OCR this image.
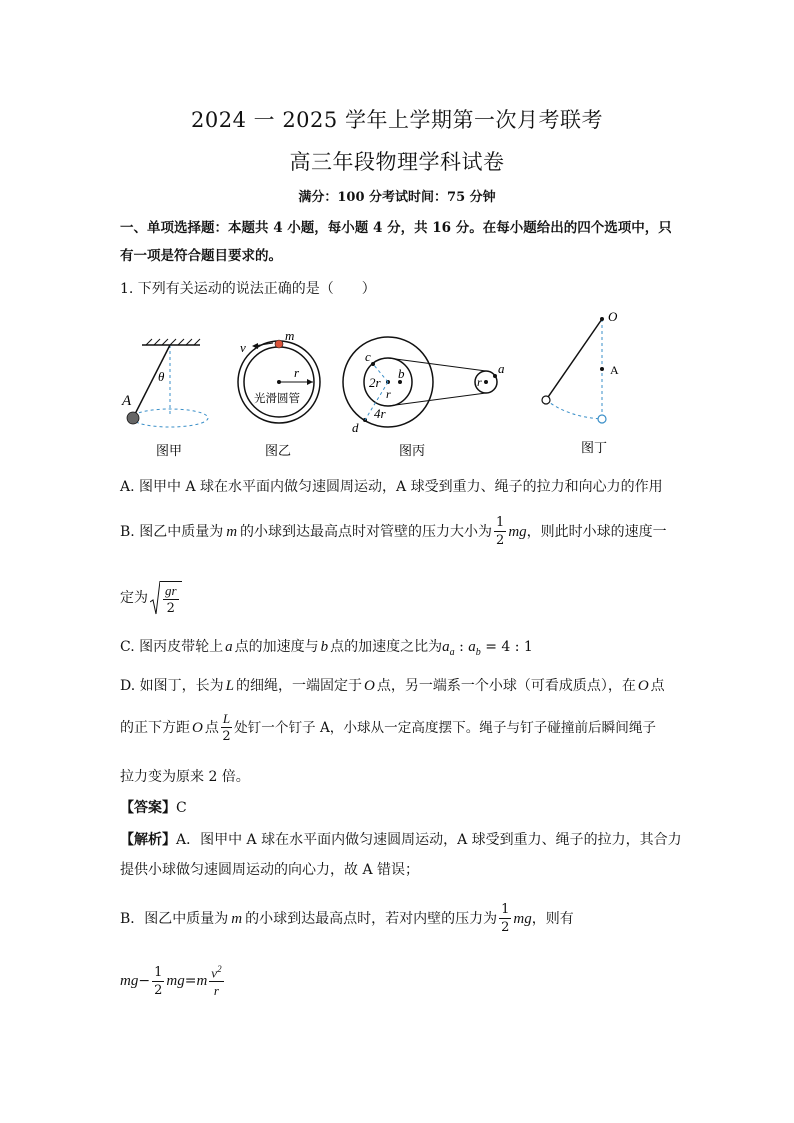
2024 一 2025 学年上学期第一次月考联考
高三年段物理学科试卷
满分：100 分考试时间：75 分钟
一、单项选择题：本题共 4 小题，每小题 4 分，共 16 分。在每小题给出的四个选项中，只
有一项是符合题目要求的。
1. 下列有关运动的说法正确的是（　　）
A
θ
图甲
v
m
r
光滑圆管
图乙
c
2r
b
r
4r
d
r
a
图丙
O
A
图丁
A. 图甲中 A 球在水平面内做匀速圆周运动，A 球受到重力、绳子的拉力和向心力的作用
B. 图乙中质量为 m 的小球到达最高点时对管壁的压力大小为 $\frac{1}{2}$ mg ，则此时小球的速度一
定为 $\frac{gr}{2}$
C. 图丙皮带轮上 a 点的加速度与 b 点的加速度之比为$a_a$ : $a_b = 4$ : 1
D. 如图丁，长为 L 的细绳，一端固定于 O 点，另一端系一个小球（可看成质点），在 O 点
的正下方距 O 点 $\frac{L}{2}$ 处钉一个钉子 A，小球从一定高度摆下。绳子与钉子碰撞前后瞬间绳子
拉力变为原来 2 倍。
【答案】C
【解析】A．图甲中 A 球在水平面内做匀速圆周运动，A 球受到重力、绳子的拉力，其合力
提供小球做匀速圆周运动的向心力，故 A 错误；
B．图乙中质量为 m 的小球到达最高点时，若对内壁的压力为 $\frac{1}{2}$ mg ，则有
mg − $\frac{1}{2}$ mg = m $\frac{v^2}{r}$
